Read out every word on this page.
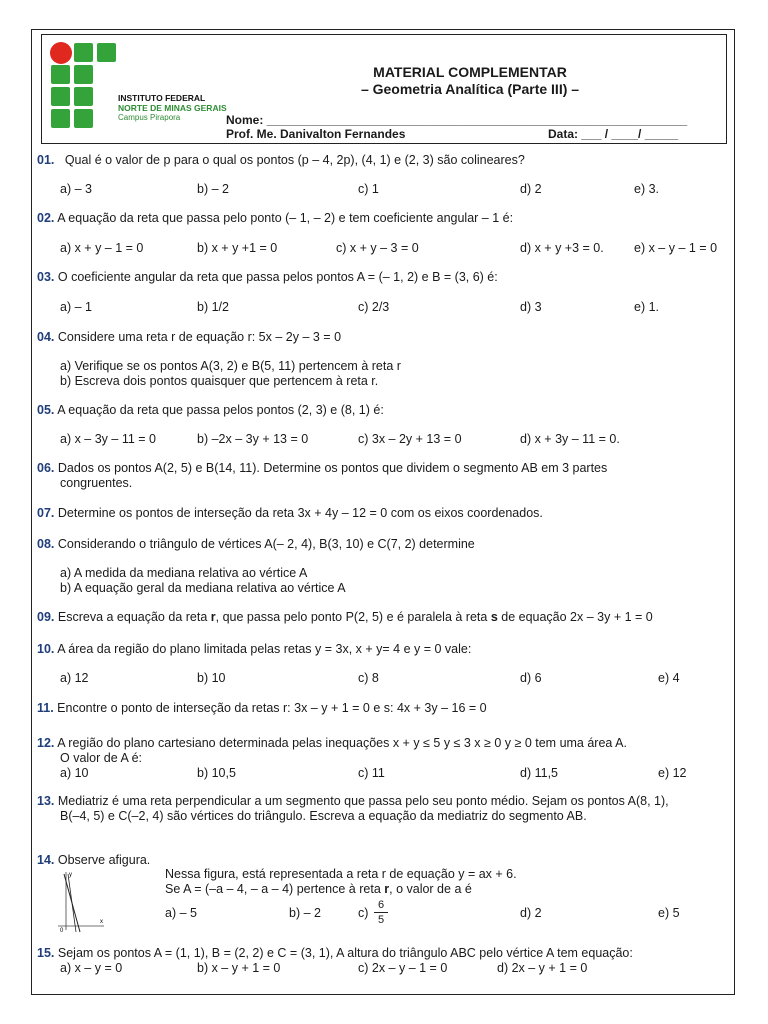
INSTITUTO FEDERAL
NORTE DE MINAS GERAIS
Campus Pirapora
MATERIAL COMPLEMENTAR
– Geometria Analítica (Parte III) –
Nome: _______________________________________________________________
Prof. Me. Danivalton Fernandes	Data: ___ / ____/ _____
01. Qual é o valor de p para o qual os pontos (p – 4, 2p), (4, 1) e (2, 3) são colineares?
a) – 3	b) – 2	c) 1	d) 2	e) 3.
02. A equação da reta que passa pelo ponto (– 1, – 2) e tem coeficiente angular – 1 é:
a) x + y – 1 = 0	b) x + y +1 = 0	c) x + y – 3 = 0	d) x + y +3 = 0. e) x – y – 1 = 0
03. O coeficiente angular da reta que passa pelos pontos A = (– 1, 2) e B = (3, 6) é:
a) – 1	b) 1/2	c) 2/3	d) 3	e) 1.
04. Considere uma reta r de equação r: 5x – 2y – 3 = 0
a) Verifique se os pontos A(3, 2) e B(5, 11) pertencem à reta r
b) Escreva dois pontos quaisquer que pertencem à reta r.
05. A equação da reta que passa pelos pontos (2, 3) e (8, 1) é:
a) x – 3y – 11 = 0	b) –2x – 3y + 13 = 0	c) 3x – 2y + 13 = 0	d) x + 3y – 11 = 0.
06. Dados os pontos A(2, 5) e B(14, 11). Determine os pontos que dividem o segmento AB em 3 partes
congruentes.
07. Determine os pontos de interseção da reta 3x + 4y – 12 = 0 com os eixos coordenados.
08. Considerando o triângulo de vértices A(– 2, 4), B(3, 10) e C(7, 2) determine
a) A medida da mediana relativa ao vértice A
b) A equação geral da mediana relativa ao vértice A
09. Escreva a equação da reta r, que passa pelo ponto P(2, 5) e é paralela à reta s de equação 2x – 3y + 1 = 0
10. A área da região do plano limitada pelas retas y = 3x, x + y= 4 e y = 0 vale:
a) 12	b) 10	c) 8	d) 6	e) 4
11. Encontre o ponto de interseção da retas r: 3x – y + 1 = 0 e s: 4x + 3y – 16 = 0
12. A região do plano cartesiano determinada pelas inequações x + y ≤ 5 y ≤ 3 x ≥ 0 y ≥ 0 tem uma área A.
O valor de A é:
a) 10	b) 10,5	c) 11	d) 11,5	e) 12
13. Mediatriz é uma reta perpendicular a um segmento que passa pelo seu ponto médio. Sejam os pontos A(8, 1),
B(–4, 5) e C(–2, 4) são vértices do triângulo. Escreva a equação da mediatriz do segmento AB.
14. Observe afigura.
Nessa figura, está representada a reta r de equação y = ax + 6.
Se A = (–a – 4, – a – 4) pertence à reta r, o valor de a é
y
x
0
a) – 5	b) – 2	c)
6
5	d) 2	e) 5
15. Sejam os pontos A = (1, 1), B = (2, 2) e C = (3, 1), A altura do triângulo ABC pelo vértice A tem equação:
a) x – y = 0	b) x – y + 1 = 0	c) 2x – y – 1 = 0	d) 2x – y + 1 = 0
